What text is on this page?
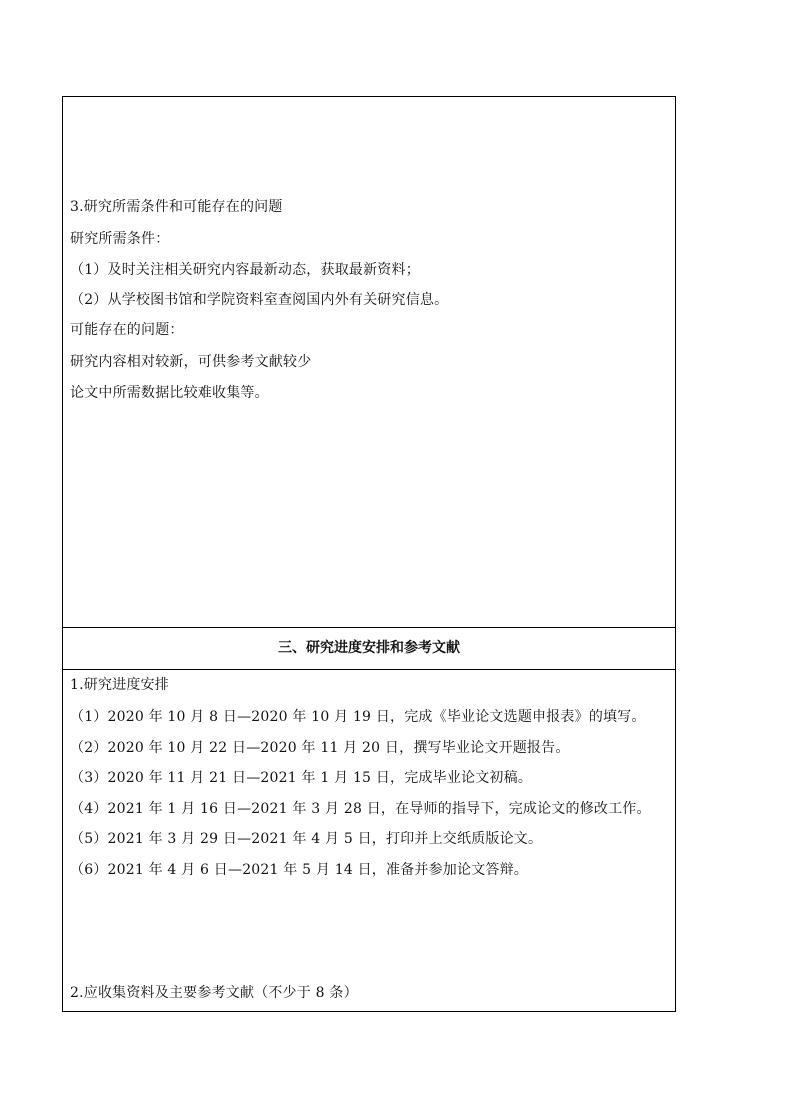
3.研究所需条件和可能存在的问题
研究所需条件：
（1）及时关注相关研究内容最新动态，获取最新资料；
（2）从学校图书馆和学院资料室查阅国内外有关研究信息。
可能存在的问题：
研究内容相对较新，可供参考文献较少
论文中所需数据比较难收集等。
三、研究进度安排和参考文献
1.研究进度安排
（1）2020 年 10 月 8 日—2020 年 10 月 19 日，完成《毕业论文选题申报表》的填写。
（2）2020 年 10 月 22 日—2020 年 11 月 20 日，撰写毕业论文开题报告。
（3）2020 年 11 月 21 日—2021 年 1 月 15 日，完成毕业论文初稿。
（4）2021 年 1 月 16 日—2021 年 3 月 28 日，在导师的指导下，完成论文的修改工作。
（5）2021 年 3 月 29 日—2021 年 4 月 5 日，打印并上交纸质版论文。
（6）2021 年 4 月 6 日—2021 年 5 月 14 日，准备并参加论文答辩。
2.应收集资料及主要参考文献（不少于 8 条）
